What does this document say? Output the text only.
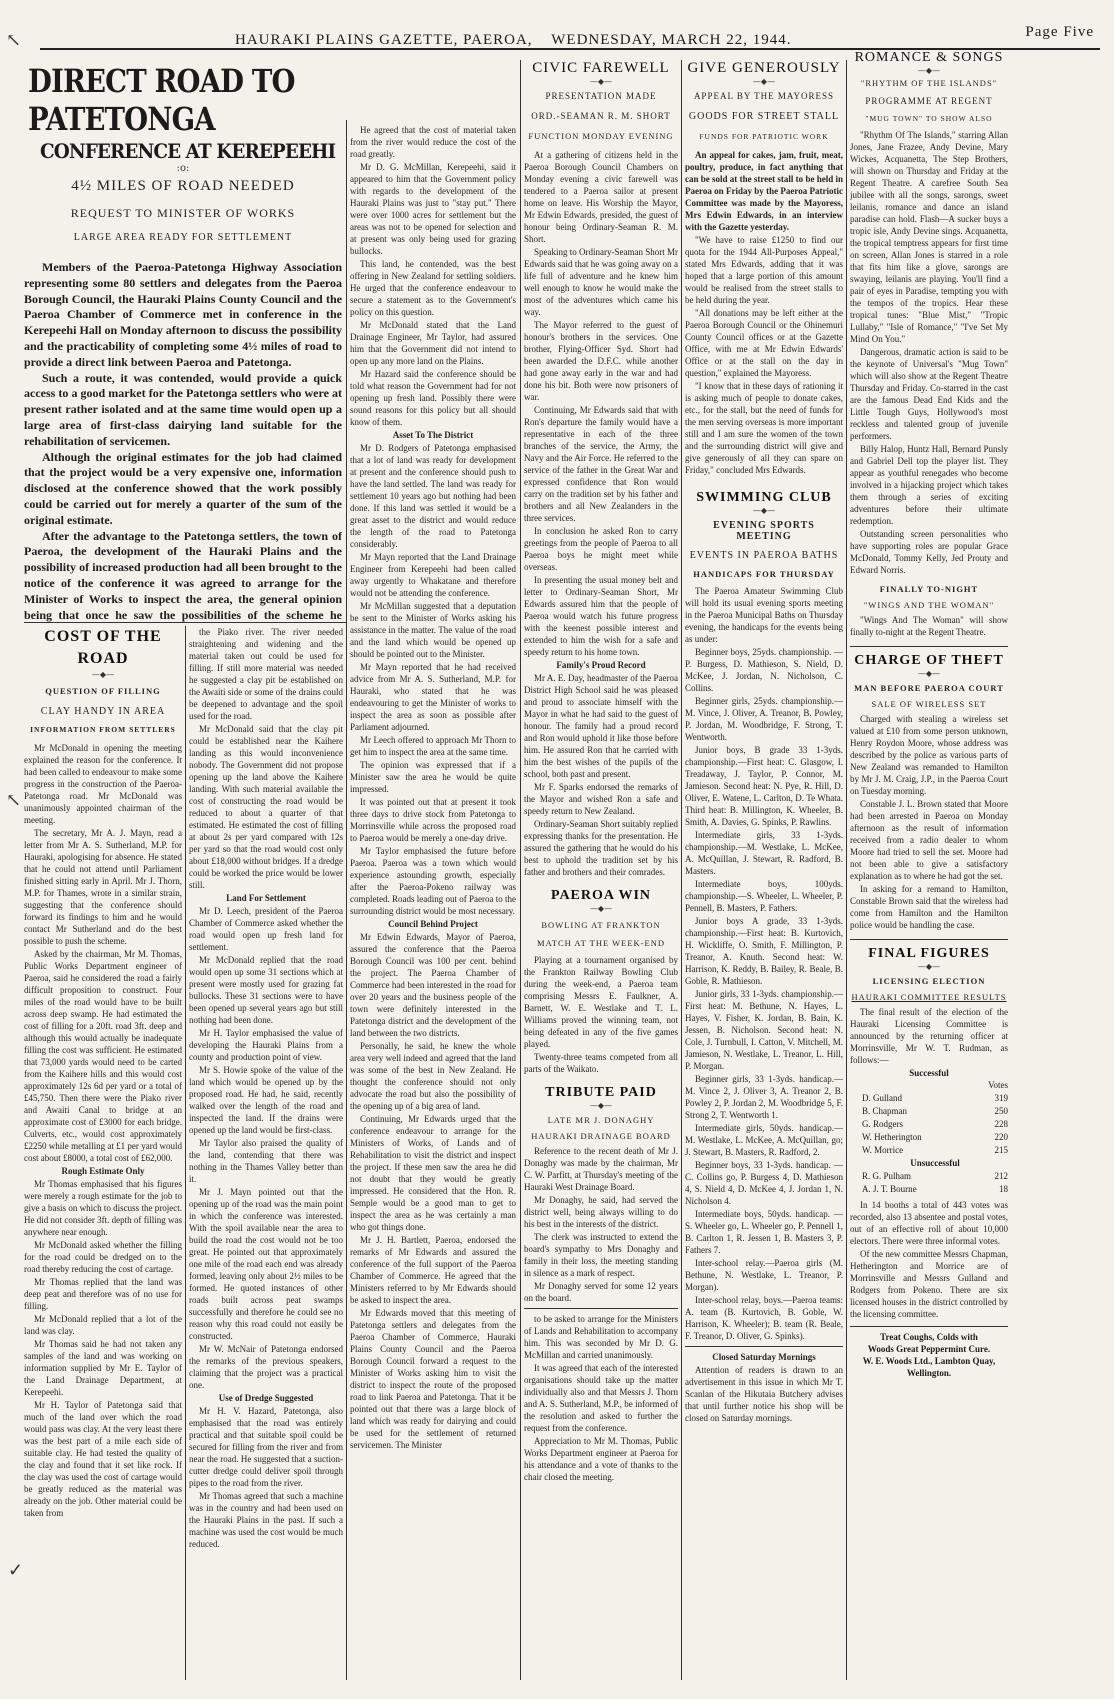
HAURAKI PLAINS GAZETTE, PAEROA, WEDNESDAY, MARCH 22, 1944.	Page Five
DIRECT ROAD TO PATETONGA
CONFERENCE AT KEREPEEHI
:o:
4½ MILES OF ROAD NEEDED
REQUEST TO MINISTER OF WORKS
LARGE AREA READY FOR SETTLEMENT

Members of the Paeroa-Patetonga Highway Association representing some 80 settlers and delegates from the Paeroa Borough Council, the Hauraki Plains County Council and the Paeroa Chamber of Commerce met in conference in the Kerepeehi Hall on Monday afternoon to discuss the possibility and the practicability of completing some 4½ miles of road to provide a direct link between Paeroa and Patetonga.

Such a route, it was contended, would provide a quick access to a good market for the Patetonga settlers who were at present rather isolated and at the same time would open up a large area of first-class dairying land suitable for the rehabilitation of servicemen.

Although the original estimates for the job had claimed that the project would be a very expensive one, information disclosed at the conference showed that the work possibly could be carried out for merely a quarter of the sum of the original estimate.

After the advantage to the Patetonga settlers, the town of Paeroa, the development of the Hauraki Plains and the possibility of increased production had all been brought to the notice of the conference it was agreed to arrange for the Minister of Works to inspect the area, the general opinion being that once he saw the possibilities of the scheme he

He agreed that the cost of material taken from the river would reduce the cost of the road greatly.

Mr D. G. McMillan, Kerepeehi, said it appeared to him that the Government policy with regards to the development of the Hauraki Plains was just to "stay put." There were over 1000 acres for settlement but the areas was not to be opened for selection and at present was only being used for grazing bullocks.

This land, he contended, was the best offering in New Zealand for settling soldiers. He urged that the conference endeavour to secure a statement as to the Government's policy on this question.

Mr McDonald stated that the Land Drainage Engineer, Mr Taylor, had assured him that the Government did not intend to open up any more land on the Plains.

Mr Hazard said the conference should be told what reason the Government had for not opening up fresh land. Possibly there were sound reasons for this policy but all should know of them.

Asset To The District

Mr D. Rodgers of Patetonga emphasised that a lot of land was ready for development at present and the conference should push to have the land settled. The land was ready for settlement 10 years ago but nothing had been done. If this land was settled it would be a great asset to the district and would reduce the length of the road to Patetonga considerably.

Mr Mayn reported that the Land Drainage Engineer from Kerepeehi had been called away urgently to Whakatane and therefore would not be attending the conference.

Mr McMillan suggested that a deputation be sent to the Minister of Works asking his assistance in the matter. The value of the road and the land which would be opened up should be pointed out to the Minister.

Mr Mayn reported that he had received advice from Mr A. S. Sutherland, M.P. for Hauraki, who stated that he was endeavouring to get the Minister of works to inspect the area as soon as possible after Parliament adjourned.

Mr Leech offered to approach Mr Thorn to get him to inspect the area at the same time.

The opinion was expressed that if a Minister saw the area he would be quite impressed.

It was pointed out that at present it took three days to drive stock from Patetonga to Morrinsville while across the proposed road to Paeroa would be merely a one-day drive.

Mr Taylor emphasised the future before Paeroa. Paeroa was a town which would experience astounding growth, especially after the Paeroa-Pokeno railway was completed. Roads leading out of Paeroa to the surrounding district would be most necessary.

Council Behind Project

Mr Edwin Edwards, Mayor of Paeroa, assured the conference that the Paeroa Borough Council was 100 per cent. behind the project. The Paeroa Chamber of Commerce had been interested in the road for over 20 years and the business people of the town were definitely interested in the Patetonga district and the development of the land between the two districts.

Personally, he said, he knew the whole area very well indeed and agreed that the land was some of the best in New Zealand. He thought the conference should not only advocate the road but also the possibility of the opening up of a big area of land.

Continuing, Mr Edwards urged that the conference endeavour to arrange for the Ministers of Works, of Lands and of Rehabilitation to visit the district and inspect the project. If these men saw the area he did not doubt that they would be greatly impressed. He considered that the Hon. R. Semple would be a good man to get to inspect the area as he was certainly a man who got things done.

Mr J. H. Bartlett, Paeroa, endorsed the remarks of Mr Edwards and assured the conference of the full support of the Paeroa Chamber of Commerce. He agreed that the Ministers referred to by Mr Edwards should be asked to inspect the area.

Mr Edwards moved that this meeting of Patetonga settlers and delegates from the Paeroa Chamber of Commerce, Hauraki Plains County Council and the Paeroa Borough Council forward a request to the Minister of Works asking him to visit the district to inspect the route of the proposed road to link Paeroa and Patetonga. That it be pointed out that there was a large block of land which was ready for dairying and could be used for the settlement of returned servicemen. The Minister

COST OF THE ROAD
—◆—
QUESTION OF FILLING
CLAY HANDY IN AREA
INFORMATION FROM SETTLERS

Mr McDonald in opening the meeting explained the reason for the conference. It had been called to endeavour to make some progress in the construction of the Paeroa-Patetonga road. Mr McDonald was unanimously appointed chairman of the meeting.

The secretary, Mr A. J. Mayn, read a letter from Mr A. S. Sutherland, M.P. for Hauraki, apologising for absence. He stated that he could not attend until Parliament finished sitting early in April. Mr J. Thorn, M.P. for Thames, wrote in a similar strain, suggesting that the conference should forward its findings to him and he would contact Mr Sutherland and do the best possible to push the scheme.

Asked by the chairman, Mr M. Thomas, Public Works Department engineer of Paeroa, said he considered the road a fairly difficult proposition to construct. Four miles of the road would have to be built across deep swamp. He had estimated the cost of filling for a 20ft. road 3ft. deep and although this would actually be inadequate filling the cost was sufficient. He estimated that 73,000 yards would need to be carted from the Kaihere hills and this would cost approximately 12s 6d per yard or a total of £45,750. Then there were the Piako river and Awaiti Canal to bridge at an approximate cost of £3000 for each bridge. Culverts, etc., would cost approximately £2250 while metalling at £1 per yard would cost about £8000, a total cost of £62,000.

Rough Estimate Only

Mr Thomas emphasised that his figures were merely a rough estimate for the job to give a basis on which to discuss the project. He did not consider 3ft. depth of filling was anywhere near enough.

Mr McDonald asked whether the filling for the road could be dredged on to the road thereby reducing the cost of cartage.

Mr Thomas replied that the land was deep peat and therefore was of no use for filling.

Mr McDonald replied that a lot of the land was clay.

Mr Thomas said he had not taken any samples of the land and was working on information supplied by Mr E. Taylor of the Land Drainage Department, at Kerepeehi.

Mr H. Taylor of Patetonga said that much of the land over which the road would pass was clay. At the very least there was the best part of a mile each side of suitable clay. He had tested the quality of the clay and found that it set like rock. If the clay was used the cost of cartage would be greatly reduced as the material was already on the job. Other material could be taken from

the Piako river. The river needed straightening and widening and the material taken out could be used for filling. If still more material was needed he suggested a clay pit be established on the Awaiti side or some of the drains could be deepened to advantage and the spoil used for the road.

Mr McDonald said that the clay pit could be established near the Kaihere landing as this would inconvenience nobody. The Government did not propose opening up the land above the Kaihere landing. With such material available the cost of constructing the road would be reduced to about a quarter of that estimated. He estimated the cost of filling at about 2s per yard compared with 12s per yard so that the road would cost only about £18,000 without bridges. If a dredge could be worked the price would be lower still.

Land For Settlement

Mr D. Leech, president of the Paeroa Chamber of Commerce asked whether the road would open up fresh land for settlement.

Mr McDonald replied that the road would open up some 31 sections which at present were mostly used for grazing fat bullocks. These 31 sections were to have been opened up several years ago but still nothing had been done.

Mr H. Taylor emphasised the value of developing the Hauraki Plains from a county and production point of view.

Mr S. Howie spoke of the value of the land which would be opened up by the proposed road. He had, he said, recently walked over the length of the road and inspected the land. If the drains were opened up the land would be first-class.

Mr Taylor also praised the quality of the land, contending that there was nothing in the Thames Valley better than it.

Mr J. Mayn pointed out that the opening up of the road was the main point in which the conference was interested. With the spoil available near the area to build the road the cost would not be too great. He pointed out that approximately one mile of the road each end was already formed, leaving only about 2½ miles to be formed. He quoted instances of other roads built across peat swamps successfully and therefore he could see no reason why this road could not easily be constructed.

Mr W. McNair of Patetonga endorsed the remarks of the previous speakers, claiming that the project was a practical one.

Use of Dredge Suggested

Mr H. V. Hazard, Patetonga, also emphasised that the road was entirely practical and that suitable spoil could be secured for filling from the river and from near the road. He suggested that a suction-cutter dredge could deliver spoil through pipes to the road from the river.

Mr Thomas agreed that such a machine was in the country and had been used on the Hauraki Plains in the past. If such a machine was used the cost would be much reduced.

CIVIC FAREWELL
—◆—
PRESENTATION MADE
ORD.-SEAMAN R. M. SHORT
FUNCTION MONDAY EVENING

At a gathering of citizens held in the Paeroa Borough Council Chambers on Monday evening a civic farewell was tendered to a Paeroa sailor at present home on leave. His Worship the Mayor, Mr Edwin Edwards, presided, the guest of honour being Ordinary-Seaman R. M. Short.

Speaking to Ordinary-Seaman Short Mr Edwards said that he was going away on a life full of adventure and he knew him well enough to know he would make the most of the adventures which came his way.

The Mayor referred to the guest of honour's brothers in the services. One brother, Flying-Officer Syd. Short had been awarded the D.F.C. while another had gone away early in the war and had done his bit. Both were now prisoners of war.

Continuing, Mr Edwards said that with Ron's departure the family would have a representative in each of the three branches of the service, the Army, the Navy and the Air Force. He referred to the service of the father in the Great War and expressed confidence that Ron would carry on the tradition set by his father and brothers and all New Zealanders in the three services.

In conclusion he asked Ron to carry greetings from the people of Paeroa to all Paeroa boys he might meet while overseas.

In presenting the usual money belt and letter to Ordinary-Seaman Short, Mr Edwards assured him that the people of Paeroa would watch his future progress with the keenest possible interest and extended to him the wish for a safe and speedy return to his home town.

Family's Proud Record

Mr A. E. Day, headmaster of the Paeroa District High School said he was pleased and proud to associate himself with the Mayor in what he had said to the guest of honour. The family had a proud record and Ron would uphold it like those before him. He assured Ron that he carried with him the best wishes of the pupils of the school, both past and present.

Mr F. Sparks endorsed the remarks of the Mayor and wished Ron a safe and speedy return to New Zealand.

Ordinary-Seaman Short suitably replied expressing thanks for the presentation. He assured the gathering that he would do his best to uphold the tradition set by his father and brothers and their comrades.

PAEROA WIN
—◆—
BOWLING AT FRANKTON
MATCH AT THE WEEK-END

Playing at a tournament organised by the Frankton Railway Bowling Club during the week-end, a Paeroa team comprising Messrs E. Faulkner, A. Barnett, W. E. Westlake and T. L. Williams proved the winning team, not being defeated in any of the five games played.

Twenty-three teams competed from all parts of the Waikato.

TRIBUTE PAID
—◆—
LATE MR J. DONAGHY
HAURAKI DRAINAGE BOARD

Reference to the recent death of Mr J. Donaghy was made by the chairman, Mr C. W. Parfitt, at Thursday's meeting of the Hauraki West Drainage Board.

Mr Donaghy, he said, had served the district well, being always willing to do his best in the interests of the district.

The clerk was instructed to extend the board's sympathy to Mrs Donaghy and family in their loss, the meeting standing in silence as a mark of respect.

Mr Donaghy served for some 12 years on the board.

to be asked to arrange for the Ministers of Lands and Rehabilitation to accompany him. This was seconded by Mr D. G. McMillan and carried unanimously.

It was agreed that each of the interested organisations should take up the matter individually also and that Messrs J. Thorn and A. S. Sutherland, M.P., be informed of the resolution and asked to further the request from the conference.

Appreciation to Mr M. Thomas, Public Works Department engineer at Paeroa for his attendance and a vote of thanks to the chair closed the meeting.

GIVE GENEROUSLY
—◆—
APPEAL BY THE MAYORESS
GOODS FOR STREET STALL
FUNDS FOR PATRIOTIC WORK

An appeal for cakes, jam, fruit, meat, poultry, produce, in fact anything that can be sold at the street stall to be held in Paeroa on Friday by the Paeroa Patriotic Committee was made by the Mayoress, Mrs Edwin Edwards, in an interview with the Gazette yesterday.

"We have to raise £1250 to find our quota for the 1944 All-Purposes Appeal," stated Mrs Edwards, adding that it was hoped that a large portion of this amount would be realised from the street stalls to be held during the year.

"All donations may be left either at the Paeroa Borough Council or the Ohinemuri County Council offices or at the Gazette Office, with me at Mr Edwin Edwards' Office or at the stall on the day in question," explained the Mayoress.

"I know that in these days of rationing it is asking much of people to donate cakes, etc., for the stall, but the need of funds for the men serving overseas is more important still and I am sure the women of the town and the surrounding district will give and give generously of all they can spare on Friday," concluded Mrs Edwards.

SWIMMING CLUB
—◆—
EVENING SPORTS MEETING
EVENTS IN PAEROA BATHS
HANDICAPS FOR THURSDAY

The Paeroa Amateur Swimming Club will hold its usual evening sports meeting in the Paeroa Municipal Baths on Thursday evening, the handicaps for the events being as under:

Beginner boys, 25yds. championship. —P. Burgess, D. Mathieson, S. Nield, D. McKee, J. Jordan, N. Nicholson, C. Collins.

Beginner girls, 25yds. championship.—M. Vince, J. Oliver, A. Treanor, B. Powley, P. Jordan, M. Woodbridge, F. Strong, T. Wentworth.

Junior boys, B grade 33 1-3yds. championship.—First heat: C. Glasgow, I. Treadaway, J. Taylor, P. Connor, M. Jamieson. Second heat: N. Pye, R. Hill, D. Oliver, E. Watene, L. Carlton, D. Te Whata. Third heat: B. Millington, K. Wheeler, B. Smith, A. Davies, G. Spinks, P. Rawlins.

Intermediate girls, 33 1-3yds. championship.—M. Westlake, L. McKee, A. McQuillan, J. Stewart, R. Radford, B. Masters.

Intermediate boys, 100yds. championship.—S. Wheeler, L. Wheeler, P. Pennell, B. Masters, P. Fathers.

Junior boys A grade, 33 1-3yds. championship.—First heat: B. Kurtovich, H. Wickliffe, O. Smith, F. Millington, P. Treanor, A. Knuth. Second heat: W. Harrison, K. Reddy, B. Bailey, R. Beale, B. Goble, R. Mathieson.

Junior girls, 33 1-3yds. championship.—First heat: M. Bethune, N. Hayes, L. Hayes, V. Fisher, K. Jordan, B. Bain, K. Jessen, B. Nicholson. Second heat: N. Cole, J. Turnbull, I. Catton, V. Mitchell, M. Jamieson, N. Westlake, L. Treanor, L. Hill, P. Morgan.

Beginner girls, 33 1-3yds. handicap.—M. Vince 2, J. Oliver 3, A. Treanor 2, B. Powley 2, P. Jordan 2, M. Woodbridge 5, F. Strong 2, T. Wentworth 1.

Intermediate girls, 50yds. handicap.—M. Westlake, L. McKee, A. McQuillan, go; J. Stewart, B. Masters, R. Radford, 2.

Beginner boys, 33 1-3yds. handicap. —C. Collins go, P. Burgess 4, D. Mathieson 4, S. Nield 4, D. McKee 4, J. Jordan 1, N. Nicholson 4.

Intermediate boys, 50yds. handicap. —S. Wheeler go, L. Wheeler go, P. Pennell 1, B. Carlton 1, R. Jessen 1, B. Masters 3, P. Fathers 7.

Inter-school relay.—Paeroa girls (M. Bethune, N. Westlake, L. Treanor, P. Morgan).

Inter-school relay, boys.—Paeroa teams: A. team (B. Kurtovich, B. Goble, W. Harrison, K. Wheeler); B. team (R. Beale, F. Treanor, D. Oliver, G. Spinks).

Closed Saturday Mornings

Attention of readers is drawn to an advertisement in this issue in which Mr T. Scanlan of the Hikutaia Butchery advises that until further notice his shop will be closed on Saturday mornings.

ROMANCE & SONGS
—◆—
"RHYTHM OF THE ISLANDS"
PROGRAMME AT REGENT
"MUG TOWN" TO SHOW ALSO

"Rhythm Of The Islands," starring Allan Jones, Jane Frazee, Andy Devine, Mary Wickes, Acquanetta, The Step Brothers, will shown on Thursday and Friday at the Regent Theatre. A carefree South Sea jubilee with all the songs, sarongs, sweet leilanis, romance and dance an island paradise can hold. Flash—A sucker buys a tropic isle, Andy Devine sings. Acquanetta, the tropical temptress appears for first time on screen, Allan Jones is starred in a role that fits him like a glove, sarongs are swaying, leilanis are playing. You'll find a pair of eyes in Paradise, tempting you with the tempos of the tropics. Hear these tropical tunes: "Blue Mist," "Tropic Lullaby," "Isle of Romance," "I've Set My Mind On You."

Dangerous, dramatic action is said to be the keynote of Universal's "Mug Town" which will also show at the Regent Theatre Thursday and Friday. Co-starred in the cast are the famous Dead End Kids and the Little Tough Guys, Hollywood's most reckless and talented group of juvenile performers.

Billy Halop, Huntz Hall, Bernard Punsly and Gabriel Dell top the player list. They appear as youthful renegades who become involved in a hijacking project which takes them through a series of exciting adventures before their ultimate redemption.

Outstanding screen personalities who have supporting roles are popular Grace McDonald, Tommy Kelly, Jed Prouty and Edward Norris.

FINALLY TO-NIGHT
"WINGS AND THE WOMAN"

"Wings And The Woman" will show finally to-night at the Regent Theatre.

CHARGE OF THEFT
—◆—
MAN BEFORE PAEROA COURT
SALE OF WIRELESS SET

Charged with stealing a wireless set valued at £10 from some person unknown, Henry Roydon Moore, whose address was described by the police as various parts of New Zealand was remanded to Hamilton by Mr J. M. Craig, J.P., in the Paeroa Court on Tuesday morning.

Constable J. L. Brown stated that Moore had been arrested in Paeroa on Monday afternoon as the result of information received from a radio dealer to whom Moore had tried to sell the set. Moore had not been able to give a satisfactory explanation as to where he had got the set.

In asking for a remand to Hamilton, Constable Brown said that the wireless had come from Hamilton and the Hamilton police would be handling the case.

FINAL FIGURES
—◆—
LICENSING ELECTION
HAURAKI COMMITTEE RESULTS

The final result of the election of the Hauraki Licensing Committee is announced by the returning officer at Morrinsville, Mr W. T. Rudman, as follows:—

Successful
	Votes
D. Gulland	319
B. Chapman	250
G. Rodgers	228
W. Hetherington	220
W. Morrice	215
Unsuccessful	
R. G. Pulham	212
A. J. T. Bourne	18

In 14 booths a total of 443 votes was recorded, also 13 absentee and postal votes, out of an effective roll of about 10,000 electors. There were three informal votes.

Of the new committee Messrs Chapman, Hetherington and Morrice are of Morrinsville and Messrs Gulland and Rodgers from Pokeno. There are six licensed houses in the district controlled by the licensing committee.

Treat Coughs, Colds with
Woods Great Peppermint Cure.
W. E. Woods Ltd., Lambton Quay,
Wellington.
↖
↖
✓
